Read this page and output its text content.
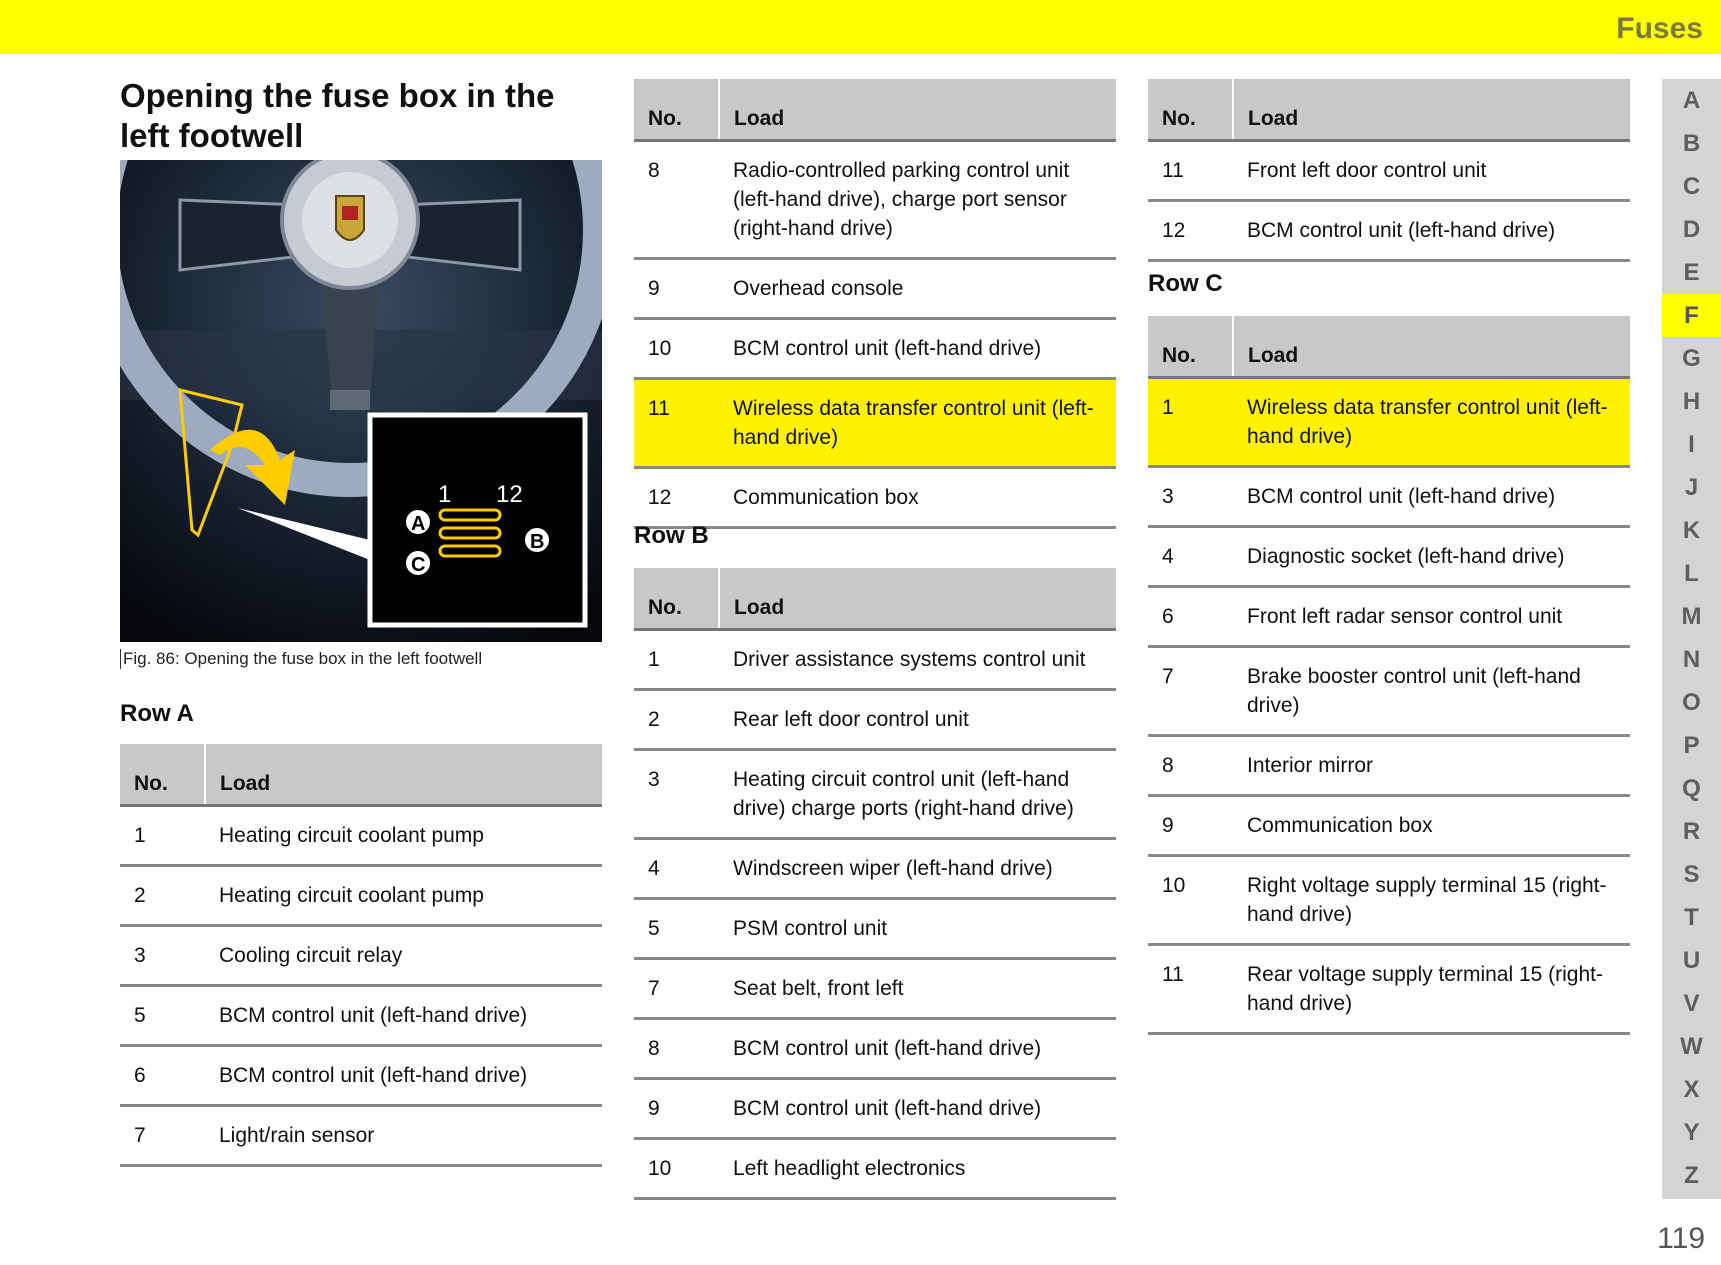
Fuses
Opening the fuse box in the left footwell
1 12
A
B
C
Fig. 86: Opening the fuse box in the left footwell
Row A
No.	Load
1	Heating circuit coolant pump
2	Heating circuit coolant pump
3	Cooling circuit relay
5	BCM control unit (left-hand drive)
6	BCM control unit (left-hand drive)
7	Light/rain sensor
No.	Load
8	Radio-controlled parking control unit (left-hand drive), charge port sensor (right-hand drive)
9	Overhead console
10	BCM control unit (left-hand drive)
11	Wireless data transfer control unit (left-hand drive)
12	Communication box
Row B
No.	Load
1	Driver assistance systems control unit
2	Rear left door control unit
3	Heating circuit control unit (left-hand drive) charge ports (right-hand drive)
4	Windscreen wiper (left-hand drive)
5	PSM control unit
7	Seat belt, front left
8	BCM control unit (left-hand drive)
9	BCM control unit (left-hand drive)
10	Left headlight electronics
No.	Load
11	Front left door control unit
12	BCM control unit (left-hand drive)
Row C
No.	Load
1	Wireless data transfer control unit (left-hand drive)
3	BCM control unit (left-hand drive)
4	Diagnostic socket (left-hand drive)
6	Front left radar sensor control unit
7	Brake booster control unit (left-hand drive)
8	Interior mirror
9	Communication box
10	Right voltage supply terminal 15 (right-hand drive)
11	Rear voltage supply terminal 15 (right-hand drive)
A
B
C
D
E
F
G
H
I
J
K
L
M
N
O
P
Q
R
S
T
U
V
W
X
Y
Z
119
